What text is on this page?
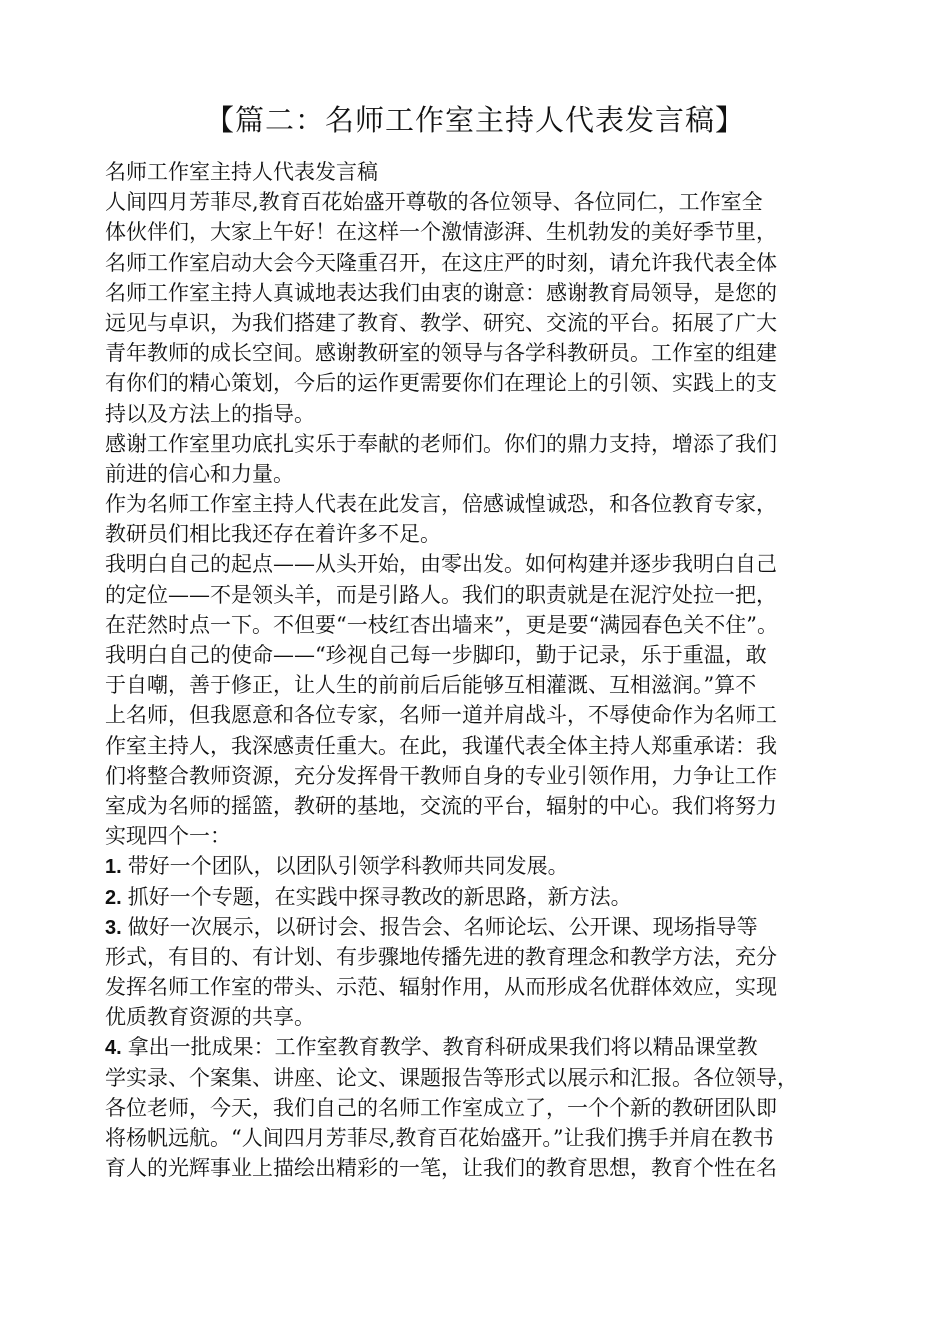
【篇二：名师工作室主持人代表发言稿】
名师工作室主持人代表发言稿
人间四月芳菲尽,教育百花始盛开尊敬的各位领导、各位同仁，工作室全
体伙伴们，大家上午好！在这样一个激情澎湃、生机勃发的美好季节里，
名师工作室启动大会今天隆重召开，在这庄严的时刻，请允许我代表全体
名师工作室主持人真诚地表达我们由衷的谢意：感谢教育局领导，是您的
远见与卓识，为我们搭建了教育、教学、研究、交流的平台。拓展了广大
青年教师的成长空间。感谢教研室的领导与各学科教研员。工作室的组建
有你们的精心策划，今后的运作更需要你们在理论上的引领、实践上的支
持以及方法上的指导。
感谢工作室里功底扎实乐于奉献的老师们。你们的鼎力支持，增添了我们
前进的信心和力量。
作为名师工作室主持人代表在此发言，倍感诚惶诚恐，和各位教育专家，
教研员们相比我还存在着许多不足。
我明白自己的起点——从头开始，由零出发。如何构建并逐步我明白自己
的定位——不是领头羊，而是引路人。我们的职责就是在泥泞处拉一把，
在茫然时点一下。不但要“一枝红杏出墙来”，更是要“满园春色关不住”。
我明白自己的使命——“珍视自己每一步脚印，勤于记录，乐于重温，敢
于自嘲，善于修正，让人生的前前后后能够互相灌溉、互相滋润。”算不
上名师，但我愿意和各位专家，名师一道并肩战斗，不辱使命作为名师工
作室主持人，我深感责任重大。在此，我谨代表全体主持人郑重承诺：我
们将整合教师资源，充分发挥骨干教师自身的专业引领作用，力争让工作
室成为名师的摇篮，教研的基地，交流的平台，辐射的中心。我们将努力
实现四个一：
1. 带好一个团队，以团队引领学科教师共同发展。
2. 抓好一个专题，在实践中探寻教改的新思路，新方法。
3. 做好一次展示，以研讨会、报告会、名师论坛、公开课、现场指导等
形式，有目的、有计划、有步骤地传播先进的教育理念和教学方法，充分
发挥名师工作室的带头、示范、辐射作用，从而形成名优群体效应，实现
优质教育资源的共享。
4. 拿出一批成果：工作室教育教学、教育科研成果我们将以精品课堂教
学实录、个案集、讲座、论文、课题报告等形式以展示和汇报。各位领导，
各位老师，今天，我们自己的名师工作室成立了，一个个新的教研团队即
将杨帆远航。“人间四月芳菲尽,教育百花始盛开。”让我们携手并肩在教书
育人的光辉事业上描绘出精彩的一笔，让我们的教育思想，教育个性在名
